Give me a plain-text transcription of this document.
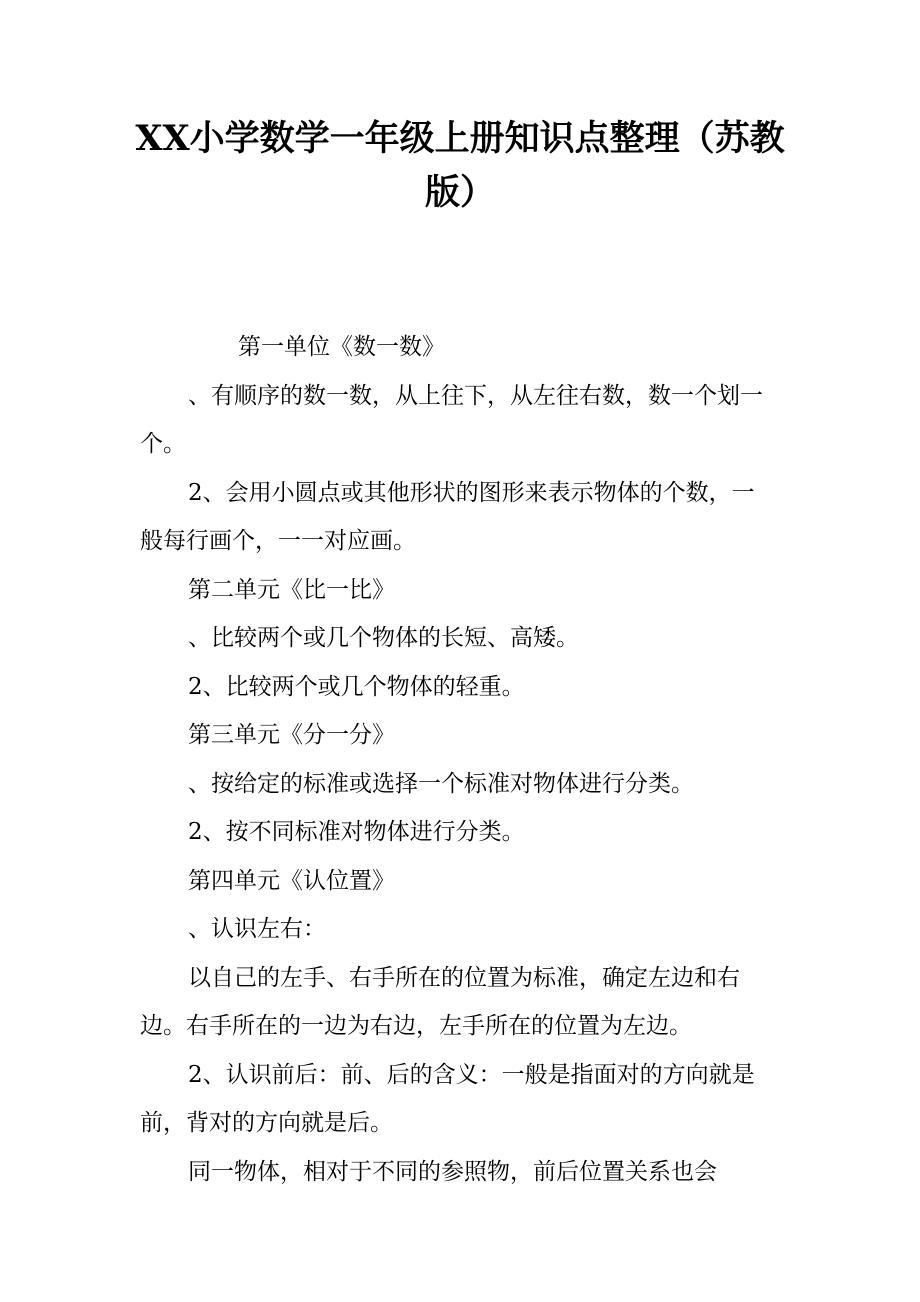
XX小学数学一年级上册知识点整理（苏教版）

第一单位《数一数》

、有顺序的数一数，从上往下，从左往右数，数一个划一个。

2、会用小圆点或其他形状的图形来表示物体的个数，一般每行画个，一一对应画。

第二单元《比一比》

、比较两个或几个物体的长短、高矮。

2、比较两个或几个物体的轻重。

第三单元《分一分》

、按给定的标准或选择一个标准对物体进行分类。

2、按不同标准对物体进行分类。

第四单元《认位置》

、认识左右：

以自己的左手、右手所在的位置为标准，确定左边和右边。右手所在的一边为右边，左手所在的位置为左边。

2、认识前后：前、后的含义：一般是指面对的方向就是前，背对的方向就是后。

同一物体，相对于不同的参照物，前后位置关系也会
